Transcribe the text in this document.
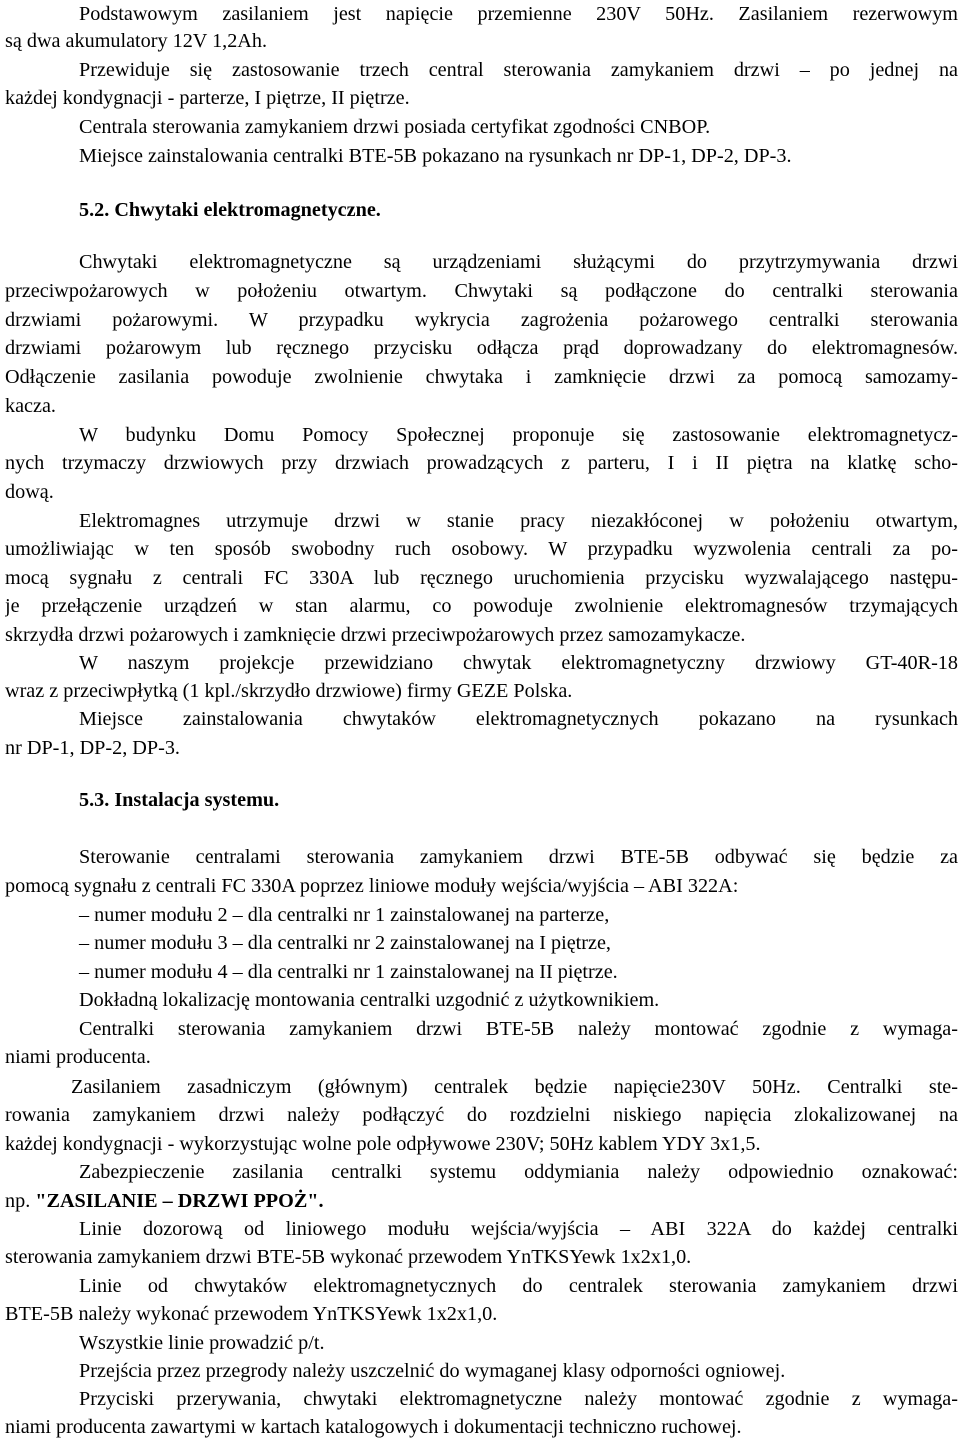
Podstawowym zasilaniem jest napięcie przemienne 230V 50Hz. Zasilaniem rezerwowym
są dwa akumulatory 12V 1,2Ah.
Przewiduje się zastosowanie trzech central sterowania zamykaniem drzwi – po jednej na
każdej kondygnacji - parterze, I piętrze, II piętrze.
Centrala sterowania zamykaniem drzwi posiada certyfikat zgodności CNBOP.
Miejsce zainstalowania centralki BTE-5B pokazano na rysunkach nr DP-1, DP-2, DP-3.
5.2. Chwytaki elektromagnetyczne.
Chwytaki elektromagnetyczne są urządzeniami służącymi do przytrzymywania drzwi
przeciwpożarowych w położeniu otwartym. Chwytaki są podłączone do centralki sterowania
drzwiami pożarowymi. W przypadku wykrycia zagrożenia pożarowego centralki sterowania
drzwiami pożarowym lub ręcznego przycisku odłącza prąd doprowadzany do elektromagnesów.
Odłączenie zasilania powoduje zwolnienie chwytaka i zamknięcie drzwi za pomocą samozamy-
kacza.
W budynku Domu Pomocy Społecznej proponuje się zastosowanie elektromagnetycz-
nych trzymaczy drzwiowych przy drzwiach prowadzących z parteru, I i II piętra na klatkę scho-
dową.
Elektromagnes utrzymuje drzwi w stanie pracy niezakłóconej w położeniu otwartym,
umożliwiając w ten sposób swobodny ruch osobowy. W przypadku wyzwolenia centrali za po-
mocą sygnału z centrali FC 330A lub ręcznego uruchomienia przycisku wyzwalającego następu-
je przełączenie urządzeń w stan alarmu, co powoduje zwolnienie elektromagnesów trzymających
skrzydła drzwi pożarowych i zamknięcie drzwi przeciwpożarowych przez samozamykacze.
W naszym projekcje przewidziano chwytak elektromagnetyczny drzwiowy GT-40R-18
wraz z przeciwpłytką (1 kpl./skrzydło drzwiowe) firmy GEZE Polska.
Miejsce zainstalowania chwytaków elektromagnetycznych pokazano na rysunkach
nr DP-1, DP-2, DP-3.
5.3. Instalacja systemu.
Sterowanie centralami sterowania zamykaniem drzwi BTE-5B odbywać się będzie za
pomocą sygnału z centrali FC 330A poprzez liniowe moduły wejścia/wyjścia – ABI 322A:
– numer modułu 2 – dla centralki nr 1 zainstalowanej na parterze,
– numer modułu 3 – dla centralki nr 2 zainstalowanej na I piętrze,
– numer modułu 4 – dla centralki nr 1 zainstalowanej na II piętrze.
Dokładną lokalizację montowania centralki uzgodnić z użytkownikiem.
Centralki sterowania zamykaniem drzwi BTE-5B należy montować zgodnie z wymaga-
niami producenta.
Zasilaniem zasadniczym (głównym) centralek będzie napięcie230V 50Hz. Centralki ste-
rowania zamykaniem drzwi należy podłączyć do rozdzielni niskiego napięcia zlokalizowanej na
każdej kondygnacji - wykorzystując wolne pole odpływowe 230V; 50Hz kablem YDY 3x1,5.
Zabezpieczenie zasilania centralki systemu oddymiania należy odpowiednio oznakować:
np. "ZASILANIE – DRZWI PPOŻ".
Linie dozorową od liniowego modułu wejścia/wyjścia – ABI 322A do każdej centralki
sterowania zamykaniem drzwi BTE-5B wykonać przewodem YnTKSYewk 1x2x1,0.
Linie od chwytaków elektromagnetycznych do centralek sterowania zamykaniem drzwi
BTE-5B należy wykonać przewodem YnTKSYewk 1x2x1,0.
Wszystkie linie prowadzić p/t.
Przejścia przez przegrody należy uszczelnić do wymaganej klasy odporności ogniowej.
Przyciski przerywania, chwytaki elektromagnetyczne należy montować zgodnie z wymaga-
niami producenta zawartymi w kartach katalogowych i dokumentacji techniczno ruchowej.
